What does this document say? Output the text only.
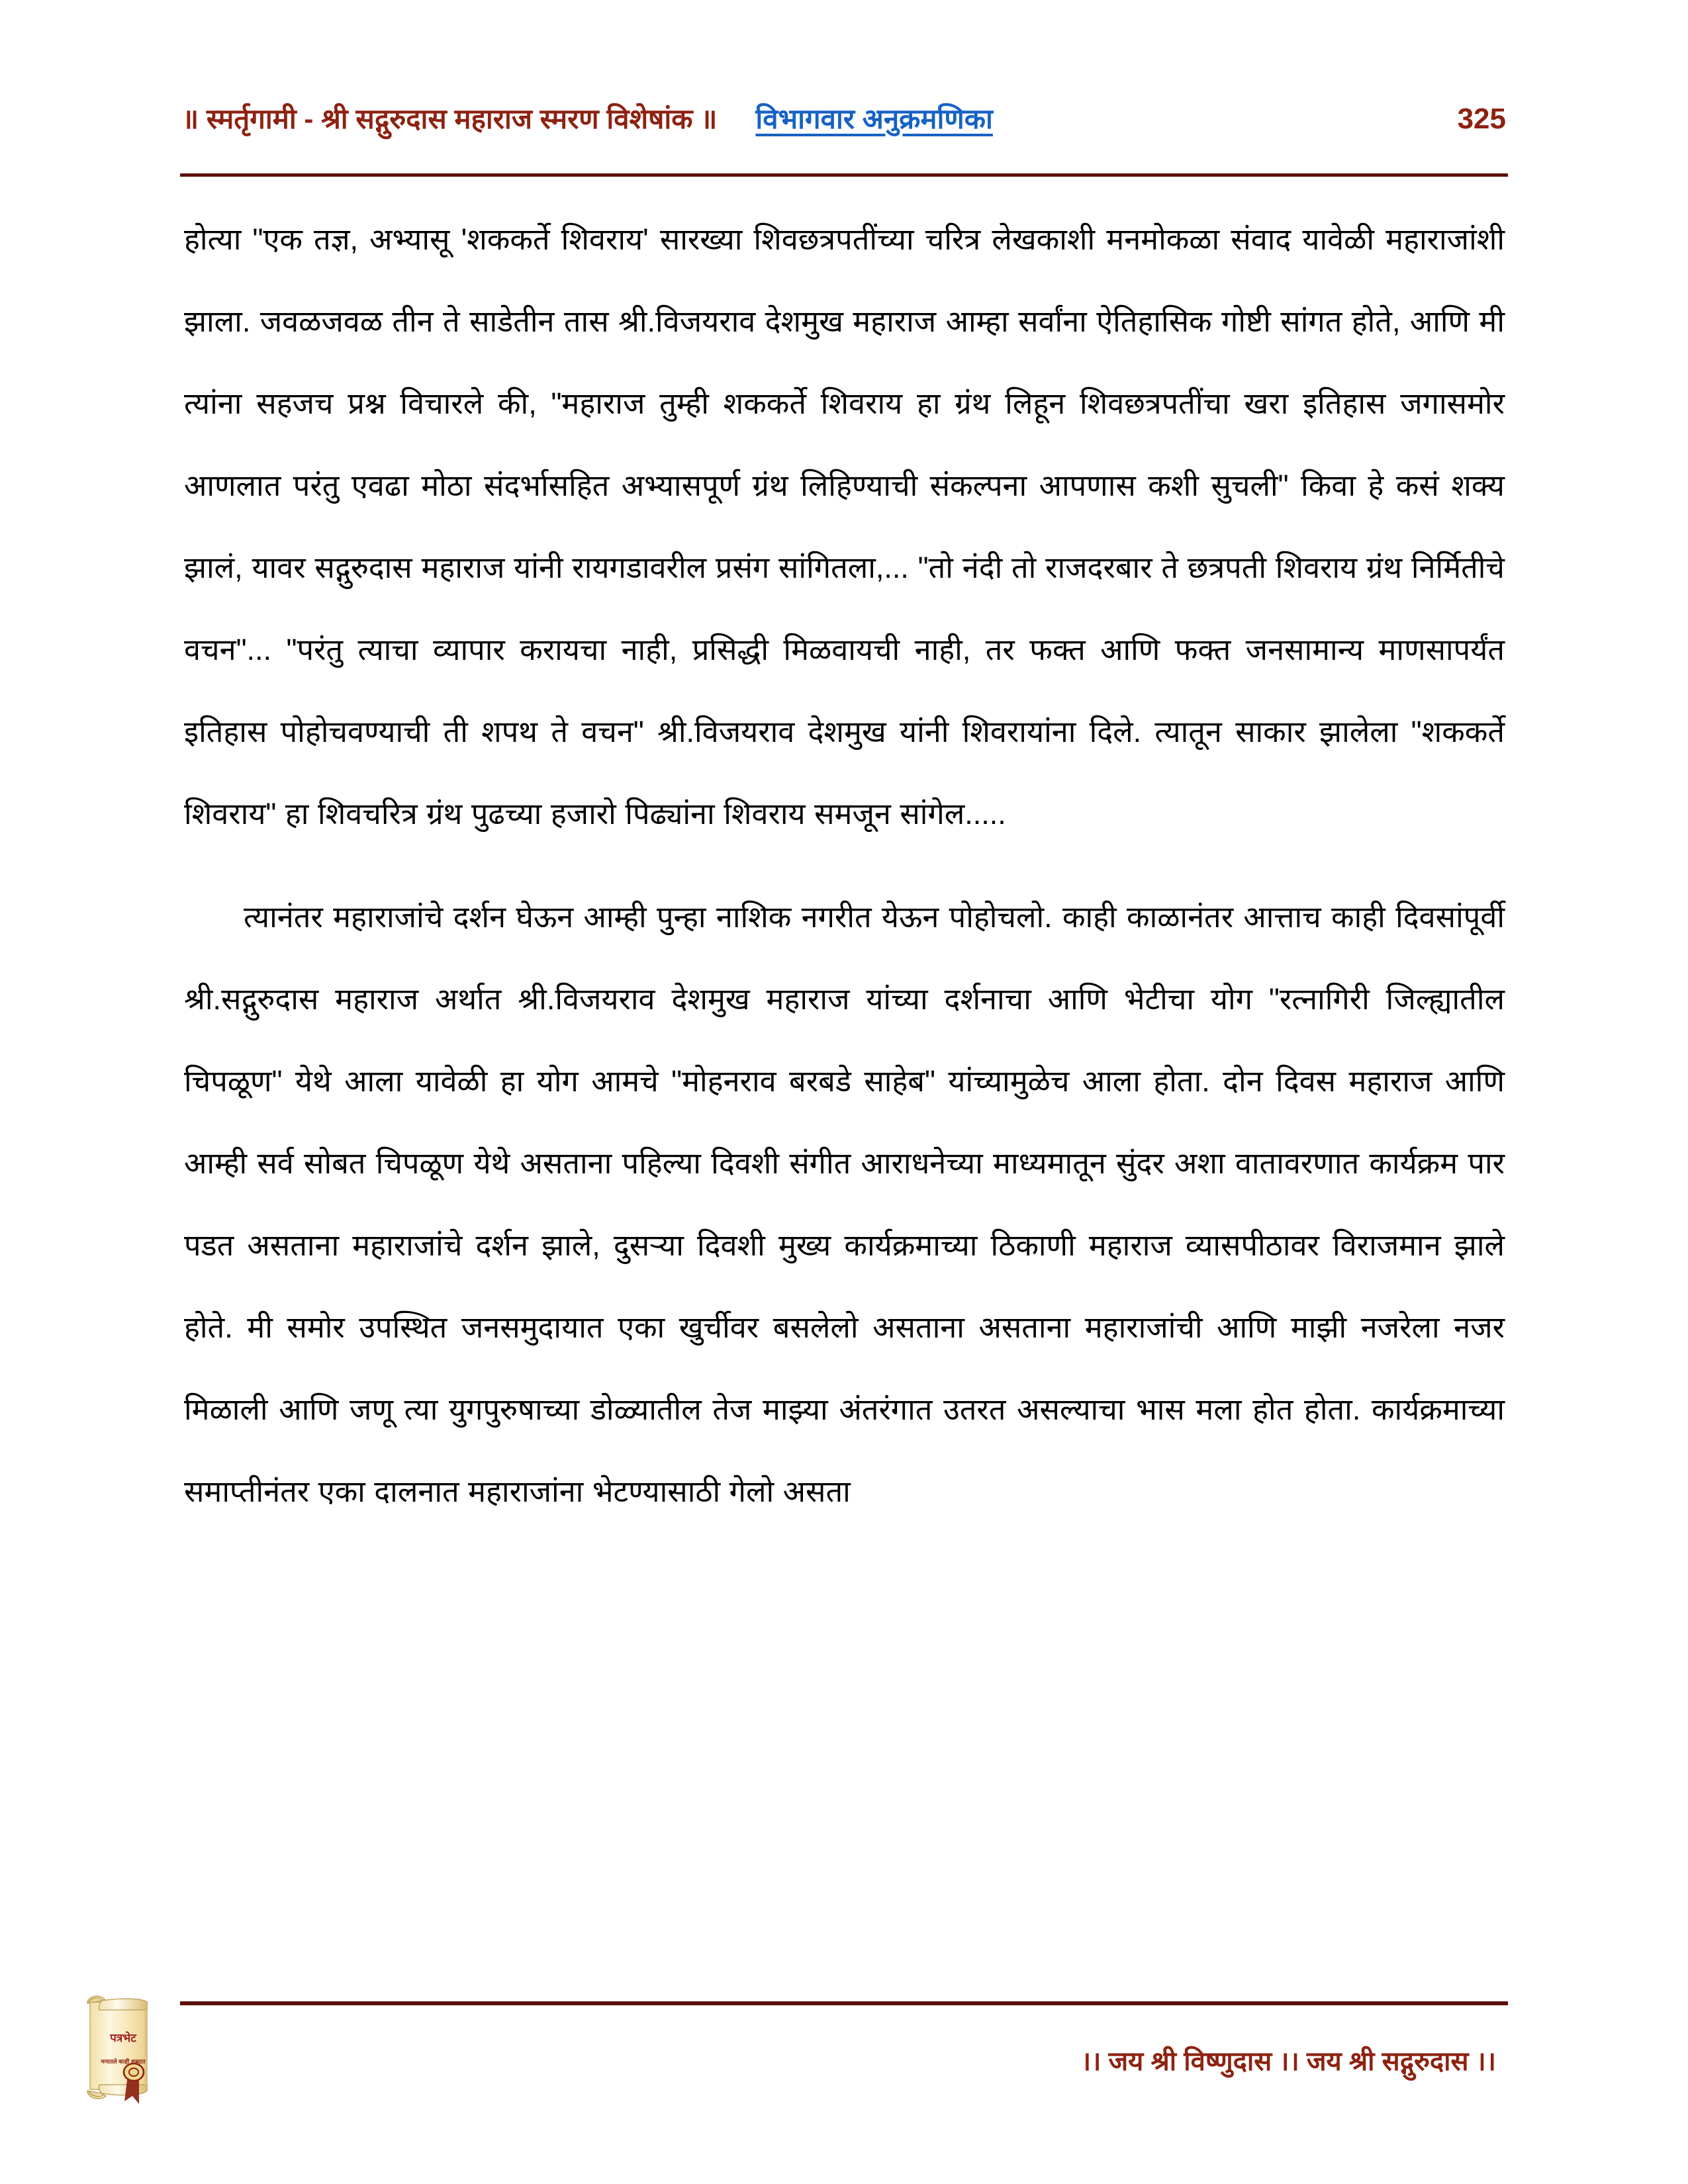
॥ स्मर्तृगामी - श्री सद्गुरुदास महाराज स्मरण विशेषांक ॥ विभागवार अनुक्रमणिका	325

होत्या "एक तज्ञ, अभ्यासू 'शककर्ते शिवराय' सारख्या शिवछत्रपतींच्या चरित्र लेखकाशी मनमोकळा संवाद यावेळी महाराजांशी झाला. जवळजवळ तीन ते साडेतीन तास श्री.विजयराव देशमुख महाराज आम्हा सर्वांना ऐतिहासिक गोष्टी सांगत होते, आणि मी त्यांना सहजच प्रश्न विचारले की, "महाराज तुम्ही शककर्ते शिवराय हा ग्रंथ लिहून शिवछत्रपतींचा खरा इतिहास जगासमोर आणलात परंतु एवढा मोठा संदर्भासहित अभ्यासपूर्ण ग्रंथ लिहिण्याची संकल्पना आपणास कशी सुचली" किवा हे कसं शक्य झालं, यावर सद्गुरुदास महाराज यांनी रायगडावरील प्रसंग सांगितला,... "तो नंदी तो राजदरबार ते छत्रपती शिवराय ग्रंथ निर्मितीचे वचन"... "परंतु त्याचा व्यापार करायचा नाही, प्रसिद्धी मिळवायची नाही, तर फक्त आणि फक्त जनसामान्य माणसापर्यंत इतिहास पोहोचवण्याची ती शपथ ते वचन" श्री.विजयराव देशमुख यांनी शिवरायांना दिले. त्यातून साकार झालेला "शककर्ते शिवराय" हा शिवचरित्र ग्रंथ पुढच्या हजारो पिढ्यांना शिवराय समजून सांगेल.....

त्यानंतर महाराजांचे दर्शन घेऊन आम्ही पुन्हा नाशिक नगरीत येऊन पोहोचलो. काही काळानंतर आत्ताच काही दिवसांपूर्वी श्री.सद्गुरुदास महाराज अर्थात श्री.विजयराव देशमुख महाराज यांच्या दर्शनाचा आणि भेटीचा योग "रत्नागिरी जिल्ह्यातील चिपळूण" येथे आला यावेळी हा योग आमचे "मोहनराव बरबडे साहेब" यांच्यामुळेच आला होता. दोन दिवस महाराज आणि आम्ही सर्व सोबत चिपळूण येथे असताना पहिल्या दिवशी संगीत आराधनेच्या माध्यमातून सुंदर अशा वातावरणात कार्यक्रम पार पडत असताना महाराजांचे दर्शन झाले, दुसऱ्या दिवशी मुख्य कार्यक्रमाच्या ठिकाणी महाराज व्यासपीठावर विराजमान झाले होते. मी समोर उपस्थित जनसमुदायात एका खुर्चीवर बसलेलो असताना असताना महाराजांची आणि माझी नजरेला नजर मिळाली आणि जणू त्या युगपुरुषाच्या डोळ्यातील तेज माझ्या अंतरंगात उतरत असल्याचा भास मला होत होता. कार्यक्रमाच्या समाप्तीनंतर एका दालनात महाराजांना भेटण्यासाठी गेलो असता

।। जय श्री विष्णुदास ।। जय श्री सद्गुरुदास ।।
पत्रभेट
मनातले काही शब्दात
